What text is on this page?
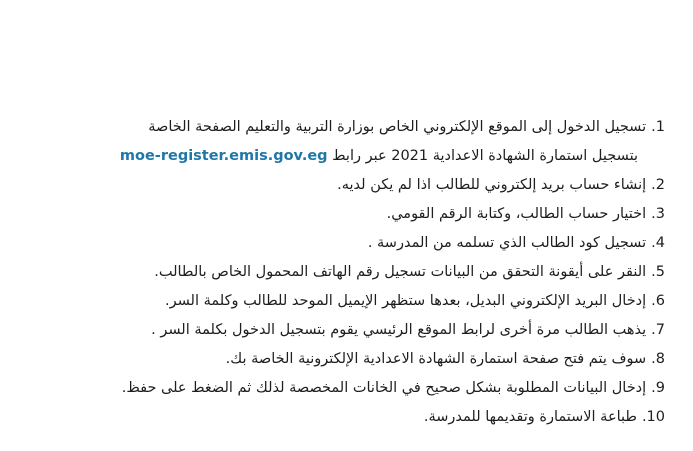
1.تسجيل الدخول إلى الموقع الإلكتروني الخاص بوزارة التربية والتعليم الصفحة الخاصة
بتسجيل استمارة الشهادة الاعدادية 2021 عبر رابط moe-register.emis.gov.eg
2.إنشاء حساب بريد إلكتروني للطالب اذا لم يكن لديه.
3.اختيار حساب الطالب، وكتابة الرقم القومي.
4.تسجيل كود الطالب الذي تسلمه من المدرسة .
5.النقر على أيقونة التحقق من البيانات تسجيل رقم الهاتف المحمول الخاص بالطالب.
6.إدخال البريد الإلكتروني البديل، بعدها ستظهر الإيميل الموحد للطالب وكلمة السر.
7.يذهب الطالب مرة أخرى لرابط الموقع الرئيسي يقوم بتسجيل الدخول بكلمة السر .
8.سوف يتم فتح صفحة استمارة الشهادة الاعدادية الإلكترونية الخاصة بك.
9.إدخال البيانات المطلوبة بشكل صحيح في الخانات المخصصة لذلك ثم الضغط على حفظ.
10.طباعة الاستمارة وتقديمها للمدرسة.
